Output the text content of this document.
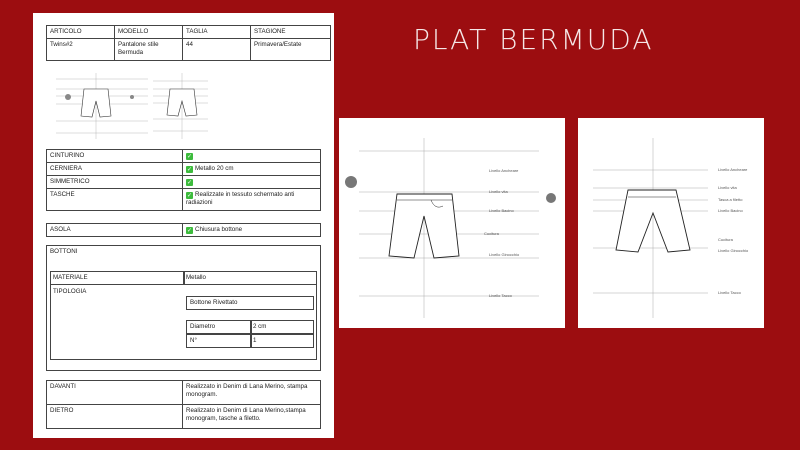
PLAT BERMUDA
ARTICOLO	MODELLO	TAGLIA	STAGIONE
Twins#2	Pantalone stile Bermuda	44	Primavera/Estate
CINTURINO	✓
CERNIERA	✓ Metallo 20 cm
SIMMETRICO	✓
TASCHE	✓ Realizzate in tessuto schermato anti radiazioni
ASOLA	✓ Chiusura bottone
BOTTONI
MATERIALE	Metallo
TIPOLOGIA
Bottone Rivettato
Diametro	2 cm
N°	1
DAVANTI	Realizzato in Denim di Lana Merino, stampa monogram.
DIETRO	Realizzato in Denim di Lana Merino,stampa monogram, tasche a filetto.
Livello Ancheare
Livello vita
Livello Bacino
Cucitura
Livello Ginocchio
Livello Tacco
Livello Ancheare
Livello vita
Tasca a filetto
Livello Bacino
Cucitura
Livello Ginocchio
Livello Tacco
